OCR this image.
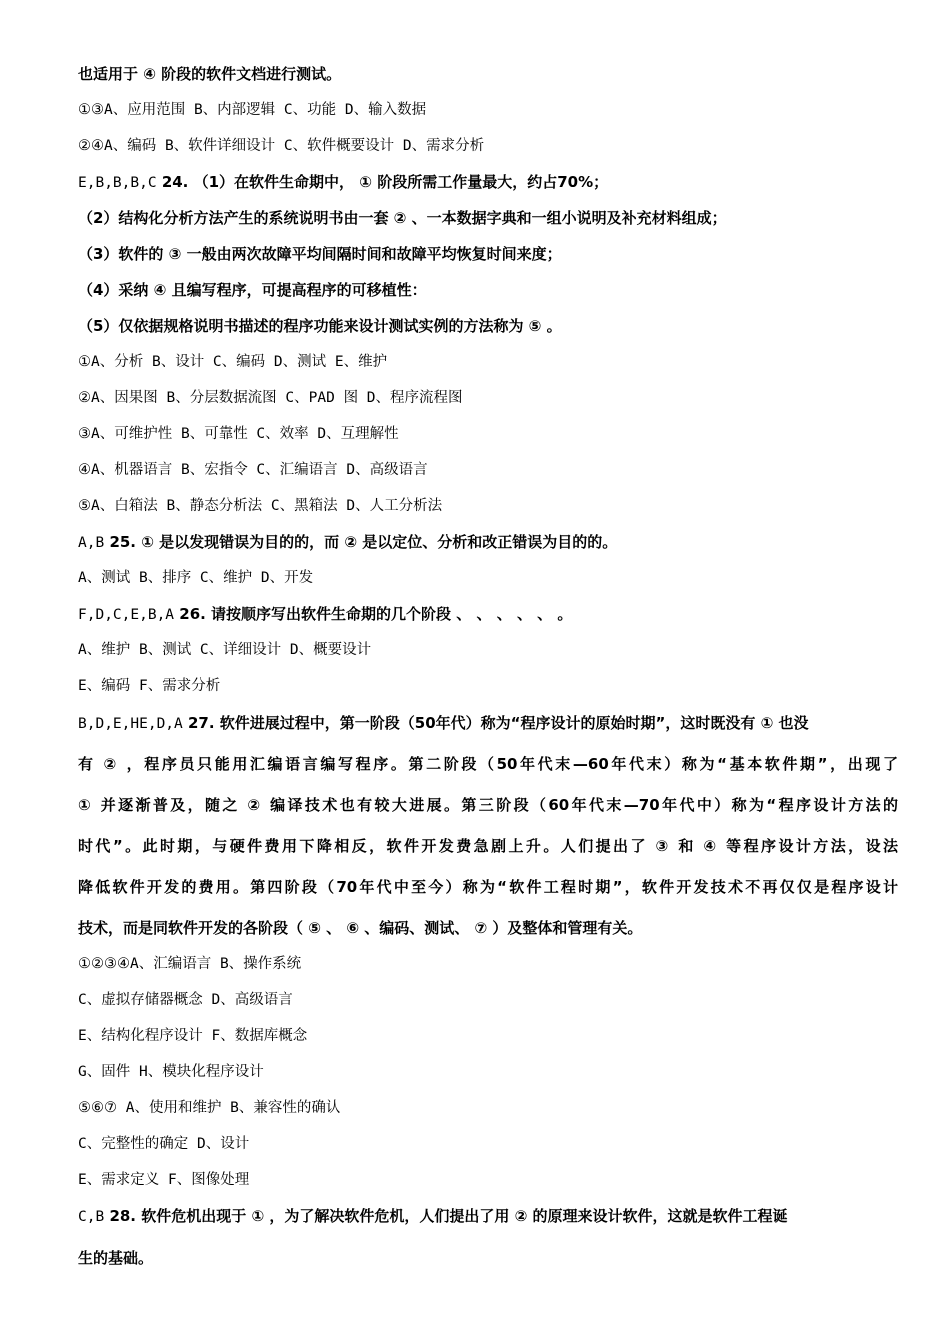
也适用于 ④ 阶段的软件文档进行测试。
①③A、应用范围 B、内部逻辑 C、功能 D、输入数据
②④A、编码 B、软件详细设计 C、软件概要设计 D、需求分析
E,B,B,B,C 24. （1）在软件生命期中， ① 阶段所需工作量最大，约占70%；
（2）结构化分析方法产生的系统说明书由一套 ② 、一本数据字典和一组小说明及补充材料组成；
（3）软件的 ③ 一般由两次故障平均间隔时间和故障平均恢复时间来度；
（4）采纳 ④ 且编写程序，可提高程序的可移植性：
（5）仅依据规格说明书描述的程序功能来设计测试实例的方法称为 ⑤ 。
①A、分析 B、设计 C、编码 D、测试 E、维护
②A、因果图 B、分层数据流图 C、PAD 图 D、程序流程图
③A、可维护性 B、可靠性 C、效率 D、互理解性
④A、机器语言 B、宏指令 C、汇编语言 D、高级语言
⑤A、白箱法 B、静态分析法 C、黑箱法 D、人工分析法
A,B 25. ① 是以发现错误为目的的，而 ② 是以定位、分析和改正错误为目的的。
A、测试 B、排序 C、维护 D、开发
F,D,C,E,B,A 26. 请按顺序写出软件生命期的几个阶段 、 、 、 、 、 。
A、维护 B、测试 C、详细设计 D、概要设计
E、编码 F、需求分析
B,D,E,HE,D,A 27. 软件进展过程中，第一阶段（50年代）称为“程序设计的原始时期”，这时既没有 ① 也没
有 ② ，程序员只能用汇编语言编写程序。第二阶段（50年代末—60年代末）称为“基本软件期”，出现了
① 并逐渐普及，随之 ② 编译技术也有较大进展。第三阶段（60年代末—70年代中）称为“程序设计方法的
时代”。此时期，与硬件费用下降相反，软件开发费急剧上升。人们提出了 ③ 和 ④ 等程序设计方法，设法
降低软件开发的费用。第四阶段（70年代中至今）称为“软件工程时期”，软件开发技术不再仅仅是程序设计
技术，而是同软件开发的各阶段（ ⑤ 、 ⑥ 、编码、测试、 ⑦ ）及整体和管理有关。
①②③④A、汇编语言 B、操作系统
C、虚拟存储器概念 D、高级语言
E、结构化程序设计 F、数据库概念
G、固件 H、模块化程序设计
⑤⑥⑦ A、使用和维护 B、兼容性的确认
C、完整性的确定 D、设计
E、需求定义 F、图像处理
C,B 28. 软件危机出现于 ① ，为了解决软件危机，人们提出了用 ② 的原理来设计软件，这就是软件工程诞
生的基础。
